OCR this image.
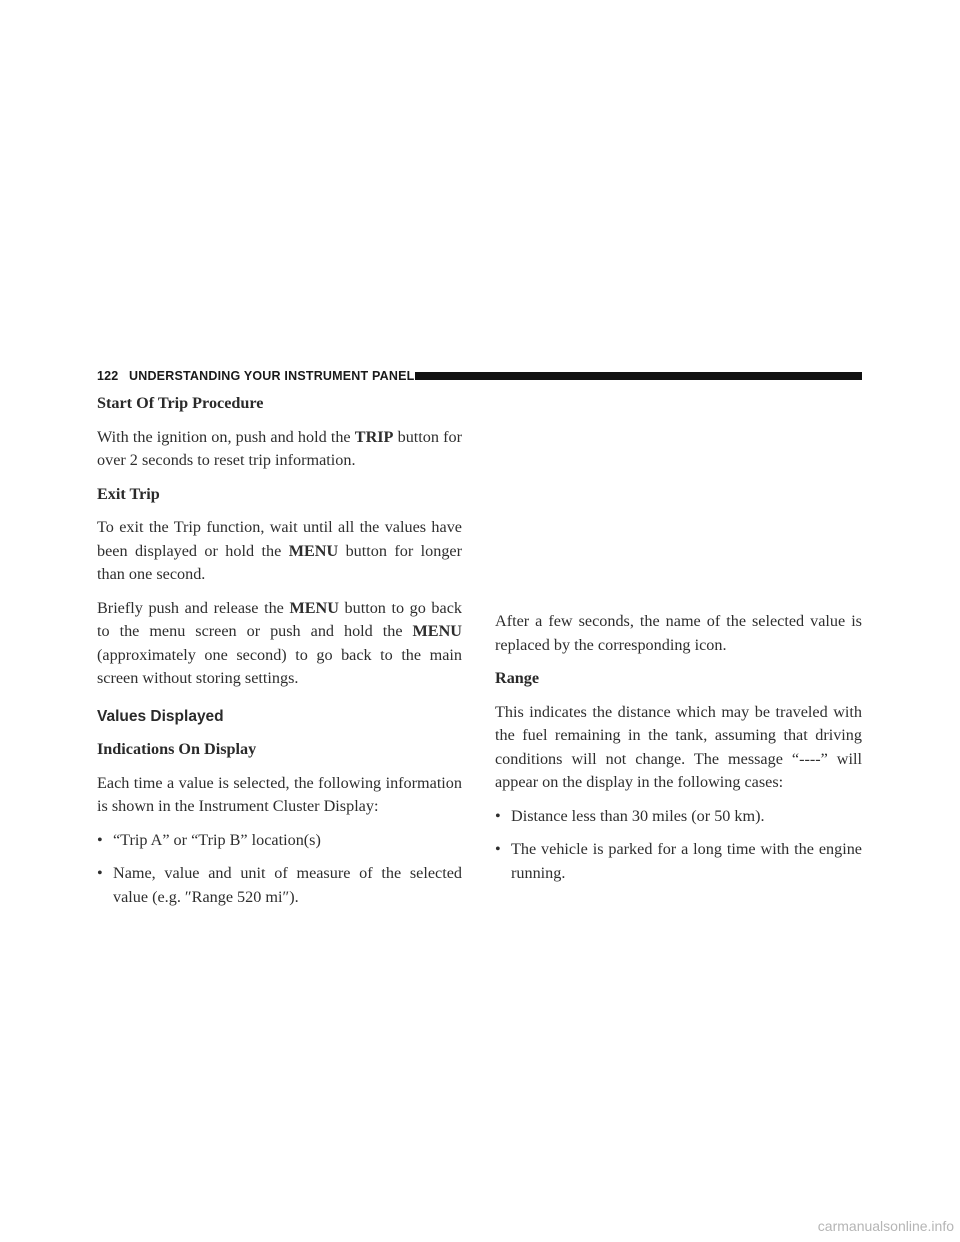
122 UNDERSTANDING YOUR INSTRUMENT PANEL
Start Of Trip Procedure

With the ignition on, push and hold the TRIP button for over 2 seconds to reset trip information.

Exit Trip

To exit the Trip function, wait until all the values have been displayed or hold the MENU button for longer than one second.

Briefly push and release the MENU button to go back to the menu screen or push and hold the MENU (approximately one second) to go back to the main screen without storing settings.

Values Displayed
Indications On Display

Each time a value is selected, the following information is shown in the Instrument Cluster Display:

• “Trip A” or “Trip B” location(s)
• Name, value and unit of measure of the selected value (e.g. ″Range 520 mi″).

After a few seconds, the name of the selected value is replaced by the corresponding icon.

Range

This indicates the distance which may be traveled with the fuel remaining in the tank, assuming that driving conditions will not change. The message “----” will appear on the display in the following cases:

• Distance less than 30 miles (or 50 km).
• The vehicle is parked for a long time with the engine running.
carmanualsonline.info
